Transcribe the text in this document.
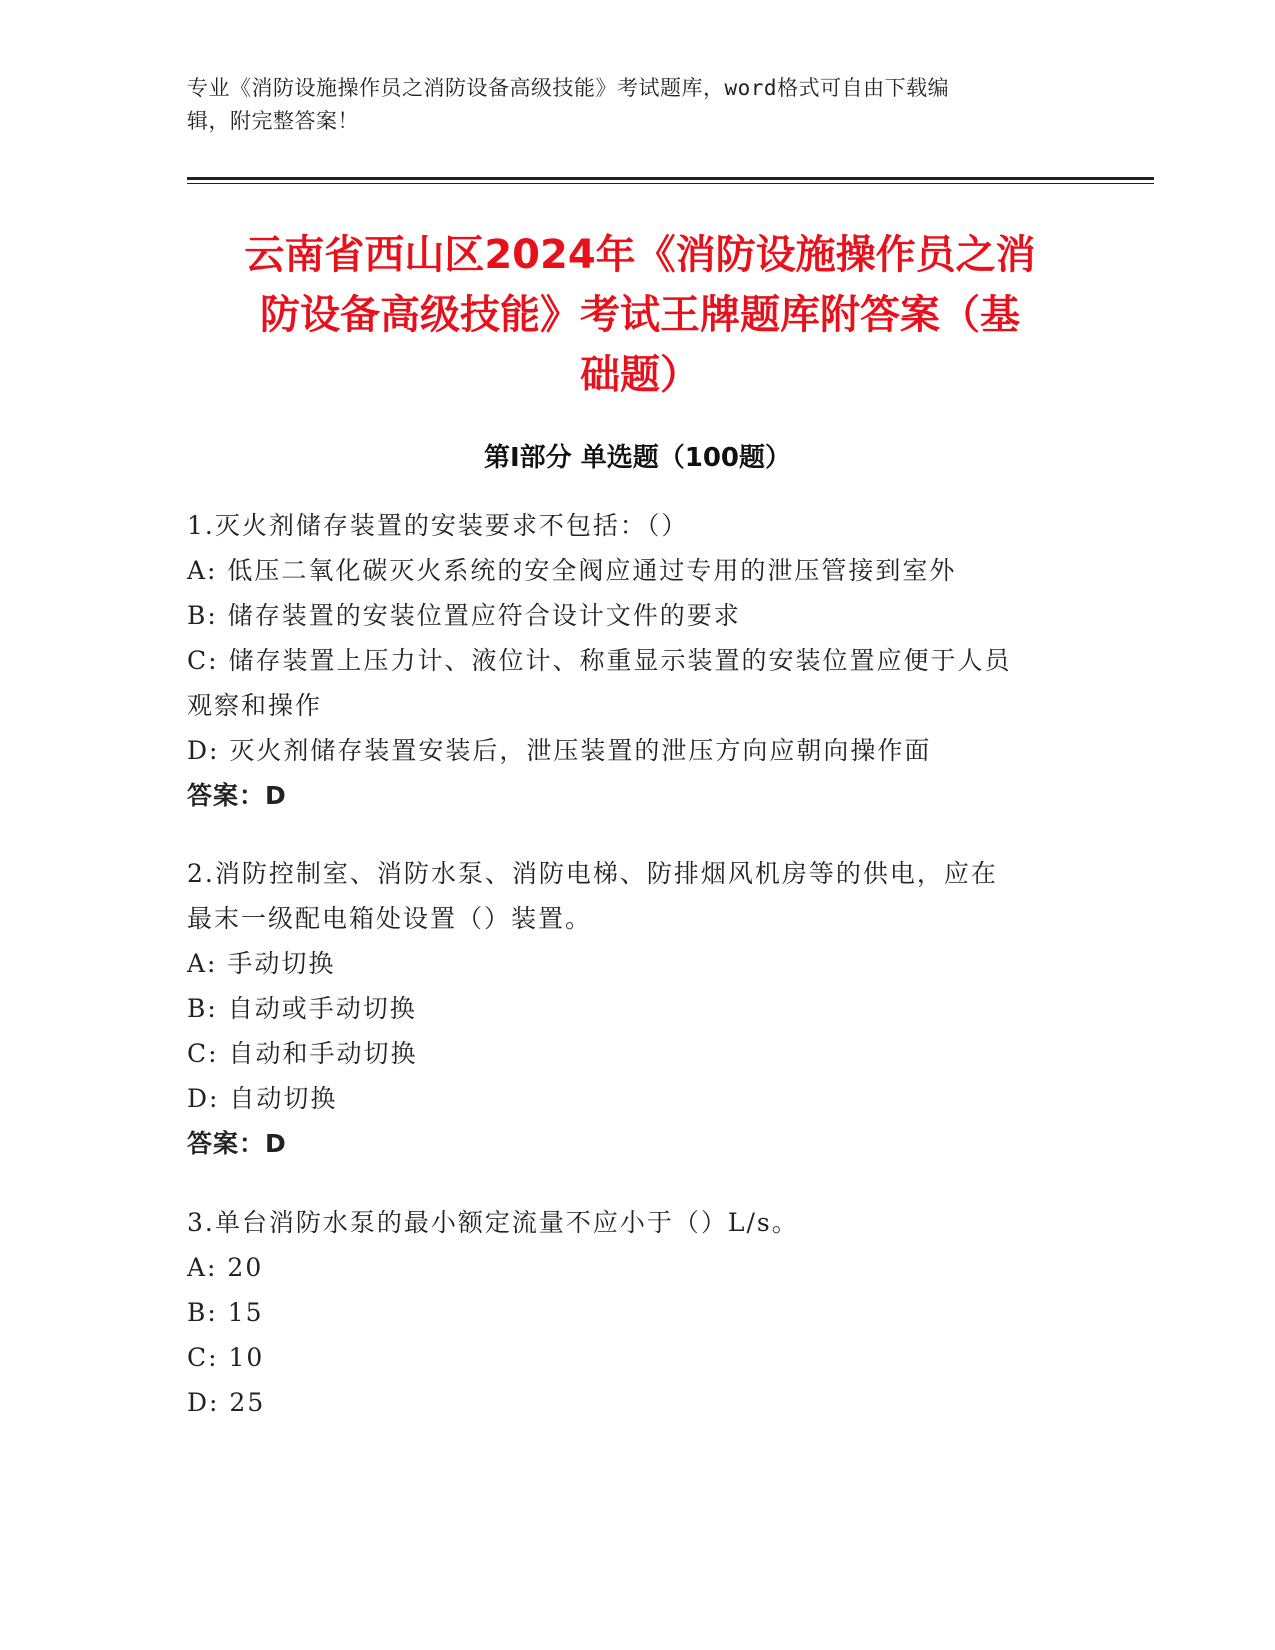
专业《消防设施操作员之消防设备高级技能》考试题库，word格式可自由下载编
辑，附完整答案！
云南省西山区2024年《消防设施操作员之消
防设备高级技能》考试王牌题库附答案（基
础题）
第I部分 单选题（100题）
1.灭火剂储存装置的安装要求不包括：（）
A: 低压二氧化碳灭火系统的安全阀应通过专用的泄压管接到室外
B: 储存装置的安装位置应符合设计文件的要求
C: 储存装置上压力计、液位计、称重显示装置的安装位置应便于人员
观察和操作
D: 灭火剂储存装置安装后，泄压装置的泄压方向应朝向操作面
答案：D
2.消防控制室、消防水泵、消防电梯、防排烟风机房等的供电，应在
最末一级配电箱处设置（）装置。
A: 手动切换
B: 自动或手动切换
C: 自动和手动切换
D: 自动切换
答案：D
3.单台消防水泵的最小额定流量不应小于（）L/s。
A: 20
B: 15
C: 10
D: 25
